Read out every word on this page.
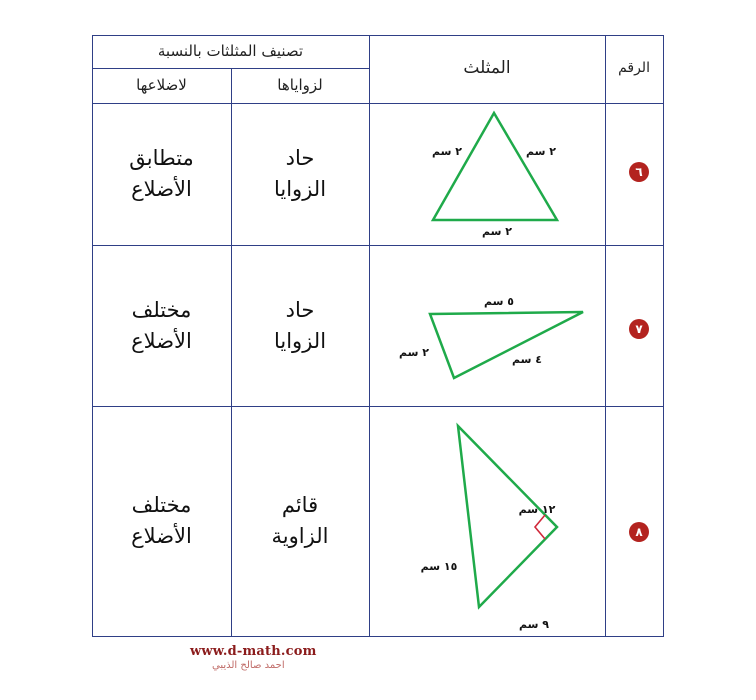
تصنيف المثلثات بالنسبة
لزواياها
لاضلاعها
المثلث	الرقم
متطابق
الأضلاع
حاد
الزوايا
٢ سم	٢ سم
٢ سم
٦
مختلف
الأضلاع
حاد
الزوايا
٥ سم
٢ سم
٤ سم
٧
مختلف
الأضلاع
قائم
الزاوية
١٢ سم
١٥ سم
٩ سم
٨
www.d-math.com
احمد صالح الذيبي
